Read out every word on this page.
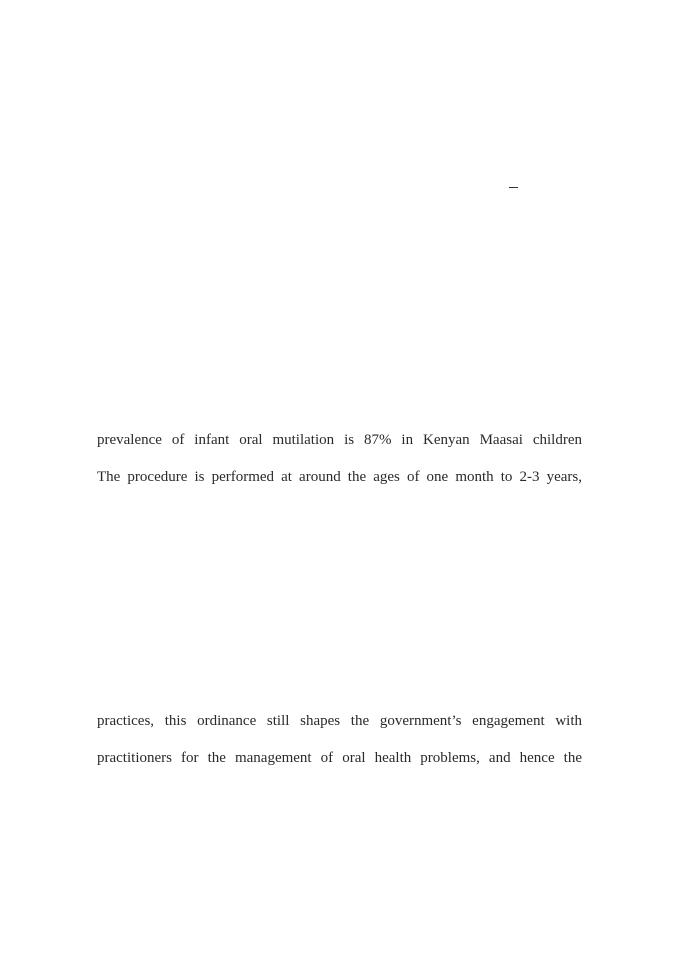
prevalence of infant oral mutilation is 87% in Kenyan Maasai children
The procedure is performed at around the ages of one month to 2-3 years,
practices, this ordinance still shapes the government’s engagement with
practitioners for the management of oral health problems, and hence the
